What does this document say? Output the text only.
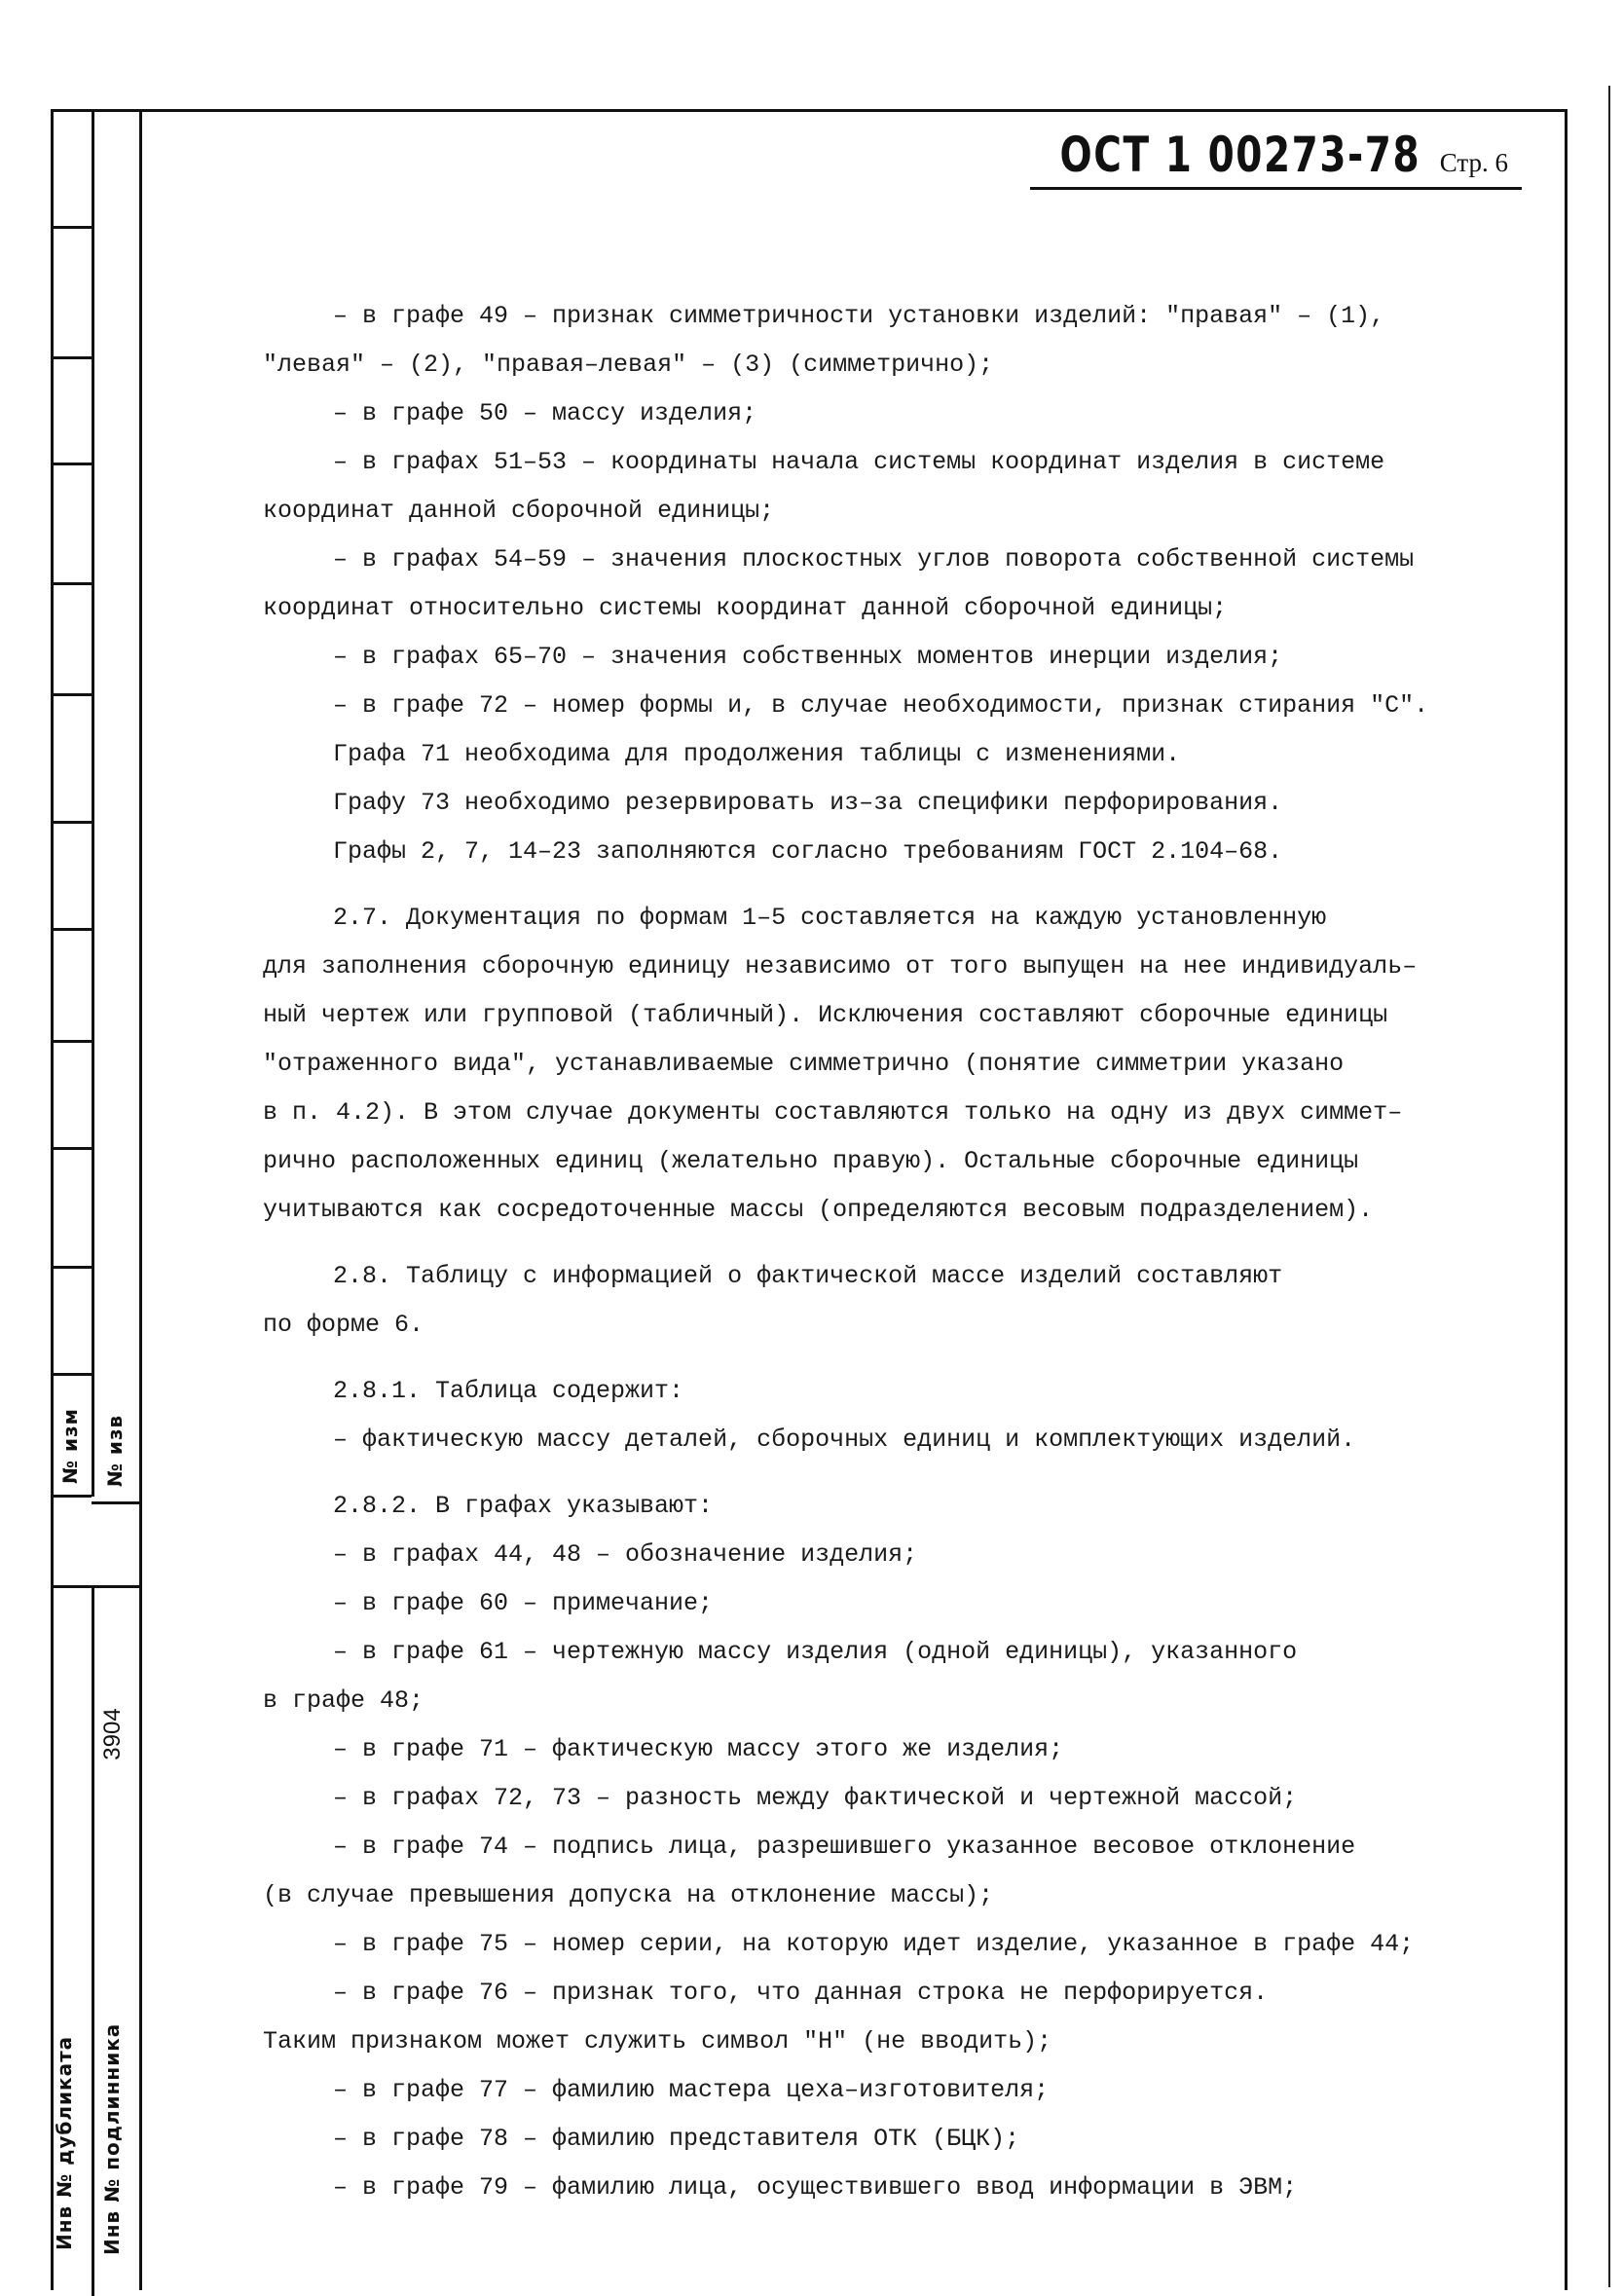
№ изм № изв
3904
Инв № дубликата Инв № подлинника
ОСТ 1 00273-78 Стр. 6

– в графе 49 – признак симметричности установки изделий: "правая" – (1),

"левая" – (2), "правая–левая" – (3) (симметрично);

– в графе 50 – массу изделия;

– в графах 51–53 – координаты начала системы координат изделия в системе

координат данной сборочной единицы;

– в графах 54–59 – значения плоскостных углов поворота собственной системы

координат относительно системы координат данной сборочной единицы;

– в графах 65–70 – значения собственных моментов инерции изделия;

– в графе 72 – номер формы и, в случае необходимости, признак стирания "С".

Графа 71 необходима для продолжения таблицы с изменениями.

Графу 73 необходимо резервировать из–за специфики перфорирования.

Графы 2, 7, 14–23 заполняются согласно требованиям ГОСТ 2.104–68.

2.7. Документация по формам 1–5 составляется на каждую установленную

для заполнения сборочную единицу независимо от того выпущен на нее индивидуаль–

ный чертеж или групповой (табличный). Исключения составляют сборочные единицы

"отраженного вида", устанавливаемые симметрично (понятие симметрии указано

в п. 4.2). В этом случае документы составляются только на одну из двух симмет–

рично расположенных единиц (желательно правую). Остальные сборочные единицы

учитываются как сосредоточенные массы (определяются весовым подразделением).

2.8. Таблицу с информацией о фактической массе изделий составляют

по форме 6.

2.8.1. Таблица содержит:

– фактическую массу деталей, сборочных единиц и комплектующих изделий.

2.8.2. В графах указывают:

– в графах 44, 48 – обозначение изделия;

– в графе 60 – примечание;

– в графе 61 – чертежную массу изделия (одной единицы), указанного

в графе 48;

– в графе 71 – фактическую массу этого же изделия;

– в графах 72, 73 – разность между фактической и чертежной массой;

– в графе 74 – подпись лица, разрешившего указанное весовое отклонение

(в случае превышения допуска на отклонение массы);

– в графе 75 – номер серии, на которую идет изделие, указанное в графе 44;

– в графе 76 – признак того, что данная строка не перфорируется.

Таким признаком может служить символ "Н" (не вводить);

– в графе 77 – фамилию мастера цеха–изготовителя;

– в графе 78 – фамилию представителя ОТК (БЦК);

– в графе 79 – фамилию лица, осуществившего ввод информации в ЭВМ;
